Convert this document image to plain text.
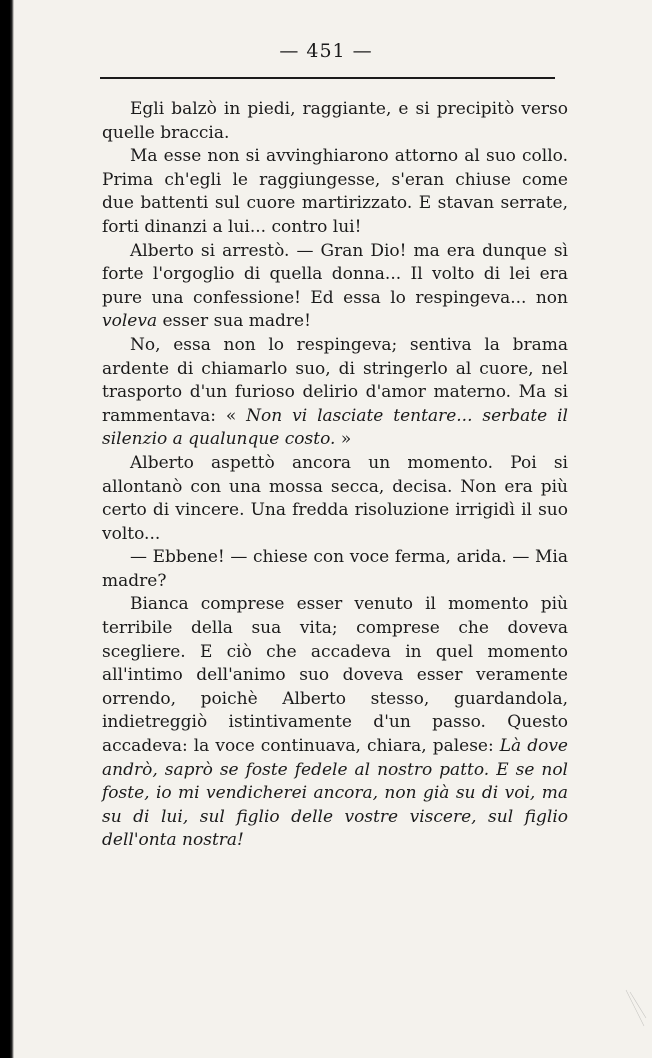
— 451 —

Egli balzò in piedi, raggiante, e si precipitò verso quelle braccia.

Ma esse non si avvinghiarono attorno al suo collo. Prima ch'egli le raggiungesse, s'eran chiuse come due battenti sul cuore martirizzato. E stavan serrate, forti dinanzi a lui... contro lui!

Alberto si arrestò. — Gran Dio! ma era dunque sì forte l'orgoglio di quella donna... Il volto di lei era pure una confessione! Ed essa lo respingeva... non voleva esser sua madre!

No, essa non lo respingeva; sentiva la brama ardente di chiamarlo suo, di stringerlo al cuore, nel trasporto d'un furioso delirio d'amor materno. Ma si rammentava: « Non vi lasciate tentare... serbate il silenzio a qualunque costo. »

Alberto aspettò ancora un momento. Poi si allontanò con una mossa secca, decisa. Non era più certo di vincere. Una fredda risoluzione irrigidì il suo volto...

— Ebbene! — chiese con voce ferma, arida. — Mia madre?

Bianca comprese esser venuto il momento più terribile della sua vita; comprese che doveva scegliere. E ciò che accadeva in quel momento all'intimo dell'animo suo doveva esser veramente orrendo, poichè Alberto stesso, guardandola, indietreggiò istintivamente d'un passo. Questo accadeva: la voce continuava, chiara, palese: Là dove andrò, saprò se foste fedele al nostro patto. E se nol foste, io mi vendicherei ancora, non già su di voi, ma su di lui, sul figlio delle vostre viscere, sul figlio dell'onta nostra!
